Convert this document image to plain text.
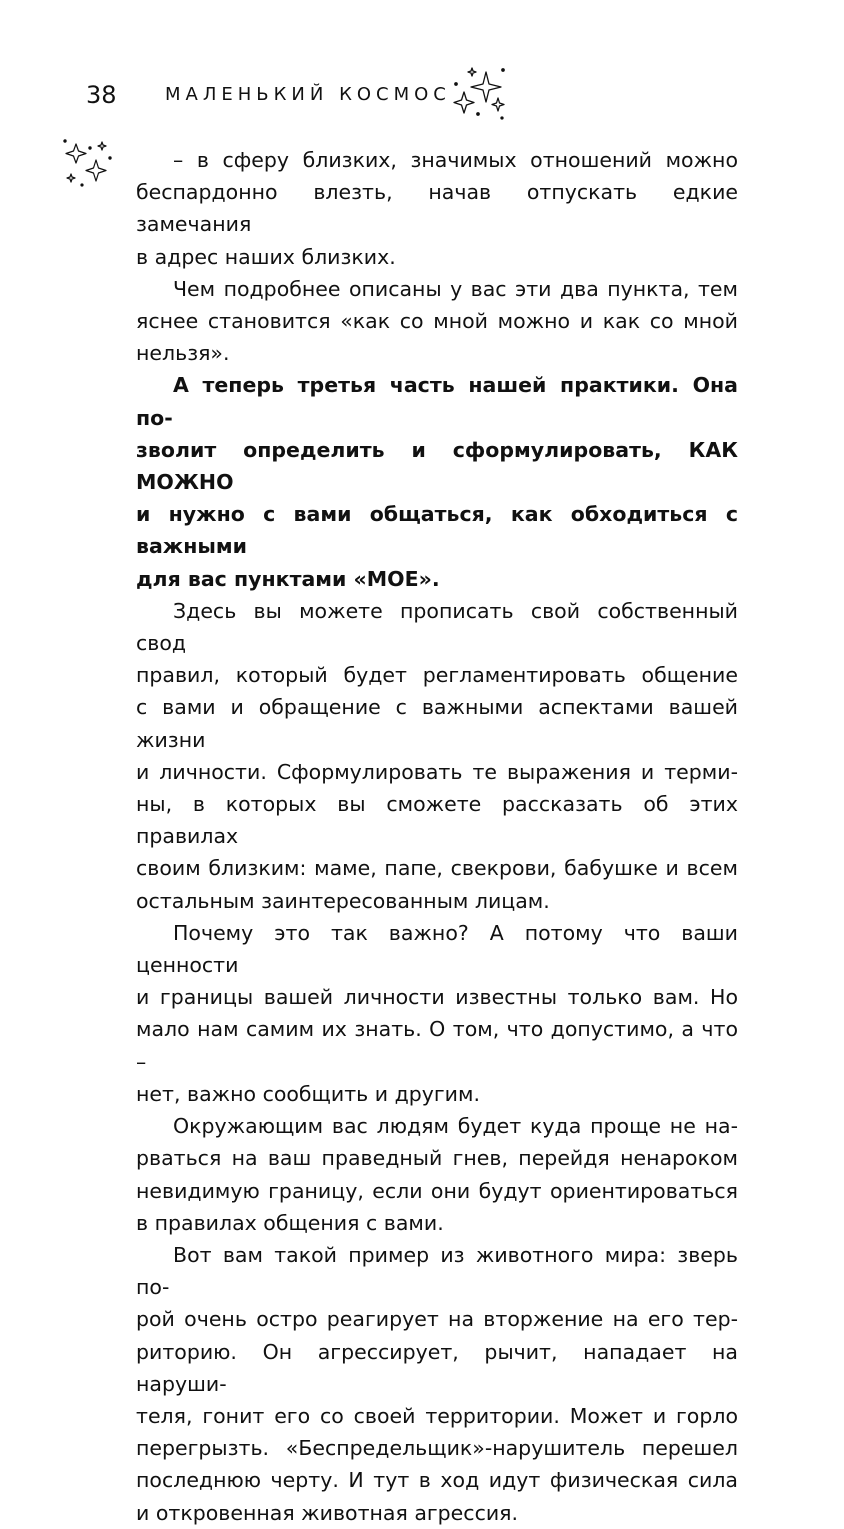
38	МАЛЕНЬКИЙ КОСМОС
– в сферу близких, значимых отношений можно
беспардонно влезть, начав отпускать едкие замечания
в адрес наших близких.
Чем подробнее описаны у вас эти два пункта, тем
яснее становится «как со мной можно и как со мной
нельзя».
А теперь третья часть нашей практики. Она по-
зволит определить и сформулировать, КАК МОЖНО
и нужно с вами общаться, как обходиться с важными
для вас пунктами «МОЕ».
Здесь вы можете прописать свой собственный свод
правил, который будет регламентировать общение
с вами и обращение с важными аспектами вашей жизни
и личности. Сформулировать те выражения и терми-
ны, в которых вы сможете рассказать об этих правилах
своим близким: маме, папе, свекрови, бабушке и всем
остальным заинтересованным лицам.
Почему это так важно? А потому что ваши ценности
и границы вашей личности известны только вам. Но
мало нам самим их знать. О том, что допустимо, а что –
нет, важно сообщить и другим.
Окружающим вас людям будет куда проще не на-
рваться на ваш праведный гнев, перейдя ненароком
невидимую границу, если они будут ориентироваться
в правилах общения с вами.
Вот вам такой пример из животного мира: зверь по-
рой очень остро реагирует на вторжение на его тер-
риторию. Он агрессирует, рычит, нападает на наруши-
теля, гонит его со своей территории. Может и горло
перегрызть. «Беспредельщик»-нарушитель перешел
последнюю черту. И тут в ход идут физическая сила
и откровенная животная агрессия.
